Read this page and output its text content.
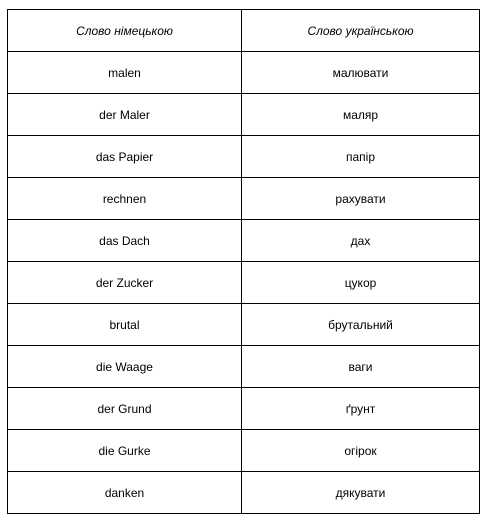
Слово німецькою	Слово українською
malen	малювати
der Maler	маляр
das Papier	папір
rechnen	рахувати
das Dach	дах
der Zucker	цукор
brutal	брутальний
die Waage	ваги
der Grund	ґрунт
die Gurke	огірок
danken	дякувати
